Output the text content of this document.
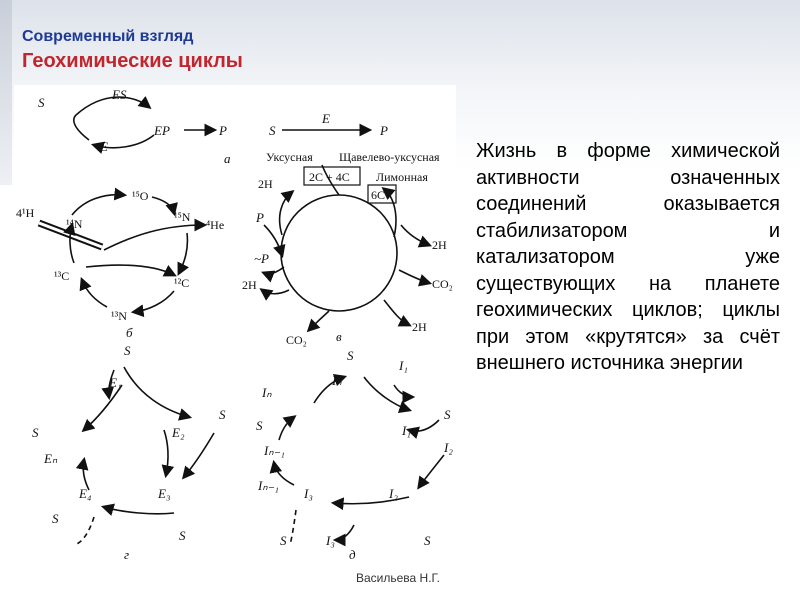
Современный взгляд
Геохимические циклы
S
ES
EP	P
E
а
S
E
P
P
~P
в
S
S
S
S
S
E₁
E₂
E₃
E₄
Eₙ
г
S
S
S
S	S
I₁
I₁
I₂
I₂
I₃
I₃
Iₙ
Iₙ
Iₙ₋₁
Iₙ₋₁
д
б
Уксусная Щавелево-уксусная
Лимонная
2C + 4C
6C
2H
2H
2H
2H
CO₂
CO₂
4¹H
¹⁴N
¹⁵O
¹⁵N
⁴He
¹³C	¹²C
¹³N
Жизнь в форме химической активности означенных соединений оказывается стабилизатором и катализатором уже существующих на планете геохимических циклов; циклы при этом «крутятся» за счёт внешнего источника энергии
Васильева Н.Г.
